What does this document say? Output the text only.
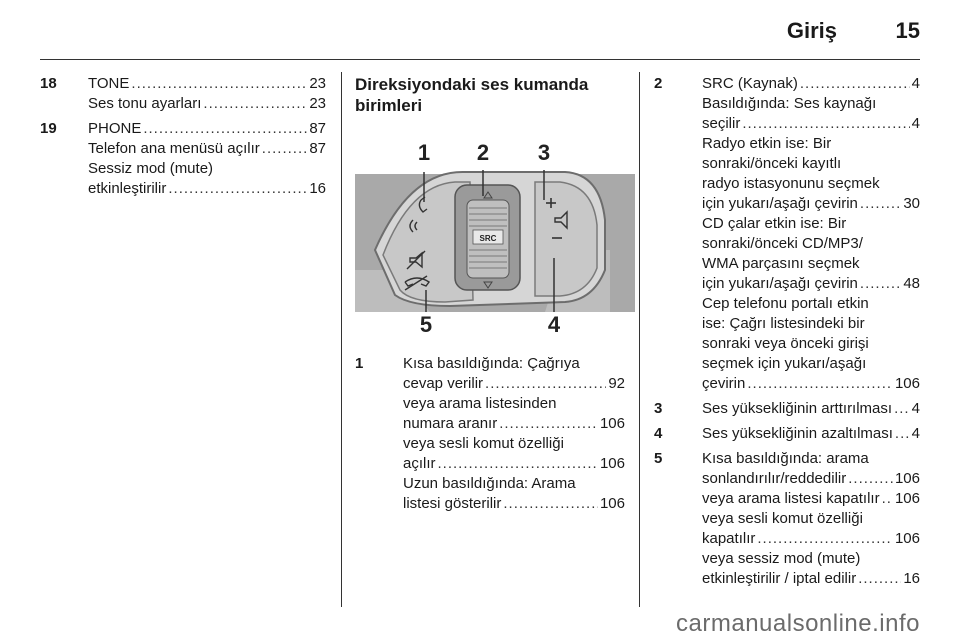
Giriş	15
18 TONE .....	23
Ses tonu ayarları .....	23
19 PHONE .....	87
Telefon ana menüsü açılır .....	87
Sessiz mod (mute)
etkinleştirilir .....	16
Direksiyondaki ses kumanda
birimleri
SRC
1 2 3
4
5
1	Kısa basıldığında: Çağrıya
cevap verilir .....	92
veya arama listesinden
numara aranır .....	106
veya sesli komut özelliği
açılır .....	106
Uzun basıldığında: Arama
listesi gösterilir .....	106
2	SRC (Kaynak) .....	4
Basıldığında: Ses kaynağı
seçilir .....	4
Radyo etkin ise: Bir
sonraki/önceki kayıtlı
radyo istasyonunu seçmek
için yukarı/aşağı çevirin .....	30
CD çalar etkin ise: Bir
sonraki/önceki CD/MP3/
WMA parçasını seçmek
için yukarı/aşağı çevirin .....	48
Cep telefonu portalı etkin
ise: Çağrı listesindeki bir
sonraki veya önceki girişi
seçmek için yukarı/aşağı
çevirin .....	106
3	Ses yüksekliğinin arttırılması ..... 4
4	Ses yüksekliğinin azaltılması ..... 4
5	Kısa basıldığında: arama
sonlandırılır/reddedilir .....	106
veya arama listesi kapatılır ..... 106
veya sesli komut özelliği
kapatılır .....	106
veya sessiz mod (mute)
etkinleştirilir / iptal edilir .....	16
carmanualsonline.info
